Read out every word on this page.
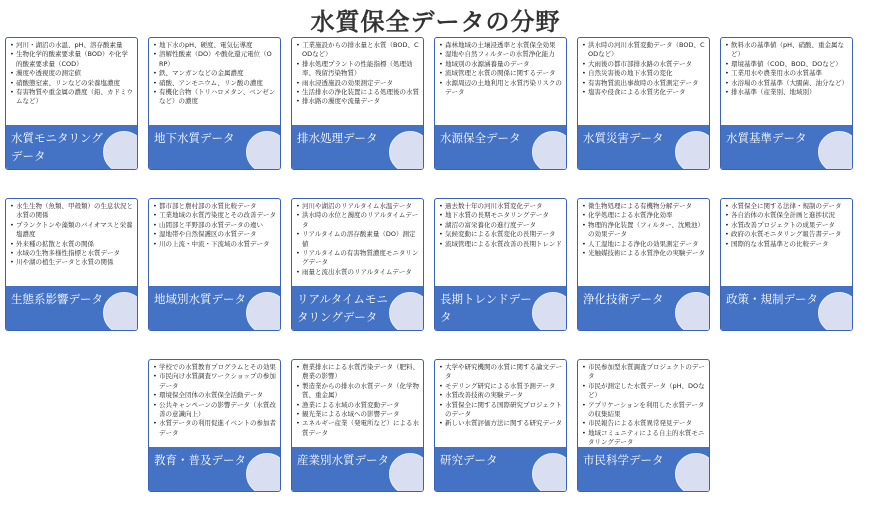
水質保全データの分野
• 河川・湖沼の水温、pH、溶存酸素量
• 生物化学的酸素要求量（BOD）や化学的酸素要求量（COD）
• 濁度や透視度の測定値
• 硝酸態窒素、リンなどの栄養塩濃度
• 有害物質や重金属の濃度（鉛、カドミウムなど）
水質モニタリングデータ
• 地下水のpH、硬度、電気伝導度
• 溶解性酸素（DO）や酸化還元電位（ORP）
• 鉄、マンガンなどの金属濃度
• 硝酸、アンモニウム、リン酸の濃度
• 有機化合物（トリハロメタン、ベンゼンなど）の濃度
地下水質データ
• 工業施設からの排水量と水質（BOD、CODなど）
• 排水処理プラントの性能指標（処理効率、残留汚染物質）
• 雨水浸透施設の効果測定データ
• 生活排水の浄化装置による処理後の水質
• 排水路の濁度や流量データ
排水処理データ
• 森林地域の土壌浸透率と水質保全効果
• 湿地や自然フィルターの水質浄化能力
• 地域別の水源涵養量のデータ
• 流域管理と水質の関係に関するデータ
• 水源周辺の土地利用と水質汚染リスクのデータ
水源保全データ
• 洪水時の河川水質変動データ（BOD、CODなど）
• 大雨後の都市部排水路の水質データ
• 自然災害後の地下水質の変化
• 有害物質流出事故時の水質測定データ
• 塩害や侵食による水質劣化データ
水質災害データ
• 飲料水の基準値（pH、硝酸、重金属など）
• 環境基準値（COD、BOD、DOなど）
• 工業用水や農業用水の水質基準
• 水浴場の水質基準（大腸菌、油分など）
• 排水基準（産業別、地域別）
水質基準データ
• 水生生物（魚類、甲殻類）の生息状況と水質の関係
• プランクトンや藻類のバイオマスと栄養塩濃度
• 外来種の拡散と水質の関係
• 水域の生物多様性指標と水質データ
• 川や湖の植生データと水質の関係
生態系影響データ
• 都市部と農村部の水質比較データ
• 工業地域の水質汚染度とその改善データ
• 山間部と平野部の水質データの違い
• 湿地帯や自然保護区の水質データ
• 川の上流・中流・下流域の水質データ
地域別水質データ
• 河川や湖沼のリアルタイム水温データ
• 洪水時の水位と濁度のリアルタイムデータ
• リアルタイムの溶存酸素量（DO）測定値
• リアルタイムの有害物質濃度モニタリングデータ
• 雨量と流出水質のリアルタイムデータ
リアルタイムモニタリングデータ
• 過去数十年の河川水質変化データ
• 地下水質の長期モニタリングデータ
• 湖沼の富栄養化の進行度データ
• 気候変動による水質変化の長期データ
• 流域管理による水質改善の長期トレンド
長期トレンドデータ
• 微生物処理による有機物分解データ
• 化学処理による水質浄化効率
• 物理的浄化装置（フィルター、沈殿池）の効果データ
• 人工湿地による浄化の効果測定データ
• 光触媒技術による水質浄化の実験データ
浄化技術データ
• 水質保全に関する法律・規制のデータ
• 各自治体の水質保全計画と進捗状況
• 水質改善プロジェクトの成果データ
• 政府の水質モニタリング報告書データ
• 国際的な水質基準との比較データ
政策・規制データ
• 学校での水質教育プログラムとその効果
• 市民向け水質調査ワークショップの参加データ
• 環境保全団体の水質保全活動データ
• 公共キャンペーンの影響データ（水質改善の意識向上）
• 水質データの利用促進イベントの参加者データ
教育・普及データ
• 農業排水による水質汚染データ（肥料、農業の影響）
• 製造業からの排水の水質データ（化学物質、重金属）
• 漁業による水域の水質変動データ
• 観光業による水域への影響データ
• エネルギー産業（発電所など）による水質データ
産業別水質データ
• 大学や研究機関の水質に関する論文データ
• モデリング研究による水質予測データ
• 水質改善技術の実験データ
• 水質保全に関する国際研究プロジェクトのデータ
• 新しい水質評価方法に関する研究データ
研究データ
• 市民参加型水質調査プロジェクトのデータ
• 市民が測定した水質データ（pH、DOなど）
• アプリケーションを利用した水質データの収集結果
• 市民報告による水質異常発見データ
• 地域コミュニティによる自主的水質モニタリングデータ
市民科学データ
